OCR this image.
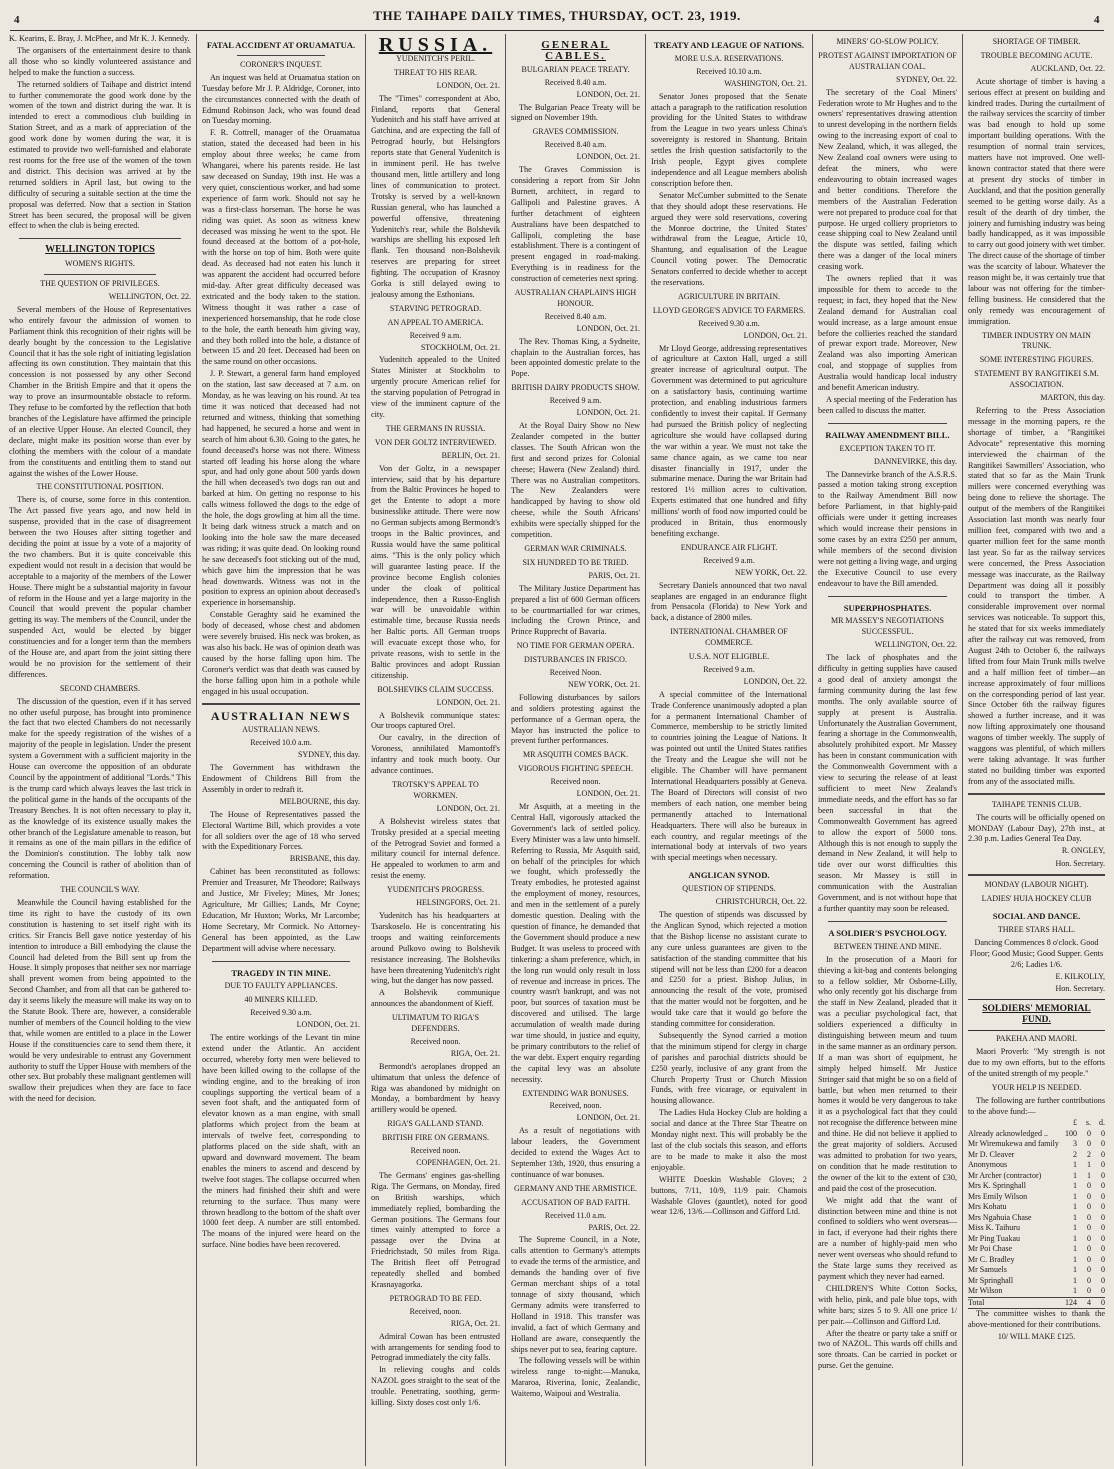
4	THE TAIHAPE DAILY TIMES, THURSDAY, OCT. 23, 1919.	4

K. Kearins, E. Bray, J. McPhee, and Mr K. J. Kennedy.

The organisers of the entertainment desire to thank all those who so kindly volunteered assistance and helped to make the function a success.

The returned soldiers of Taihape and district intend to further commemorate the good work done by the women of the town and district during the war. It is intended to erect a commodious club building in Station Street, and as a mark of appreciation of the good work done by women during the war, it is estimated to provide two well-furnished and elaborate rest rooms for the free use of the women of the town and district. This decision was arrived at by the returned soldiers in April last, but owing to the difficulty of securing a suitable section at the time the proposal was deferred. Now that a section in Station Street has been secured, the proposal will be given effect to when the club is being erected.

WELLINGTON TOPICS
WOMEN'S RIGHTS.
THE QUESTION OF PRIVILEGES.
WELLINGTON, Oct. 22.

Several members of the House of Representatives who entirely favour the admission of women to Parliament think this recognition of their rights will be dearly bought by the concession to the Legislative Council that it has the sole right of initiating legislation affecting its own constitution. They maintain that this concession is not possessed by any other Second Chamber in the British Empire and that it opens the way to prove an insurmountable obstacle to reform. They refuse to be comforted by the reflection that both branches of the Legislature have affirmed the principle of an elective Upper House. An elected Council, they declare, might make its position worse than ever by clothing the members with the colour of a mandate from the constituents and entitling them to stand out against the wishes of the Lower House.

THE CONSTITUTIONAL POSITION.

There is, of course, some force in this contention. The Act passed five years ago, and now held in suspense, provided that in the case of disagreement between the two Houses after sitting together and deciding the point at issue by a vote of a majority of the two chambers. But it is quite conceivable this expedient would not result in a decision that would be acceptable to a majority of the members of the Lower House. There might be a substantial majority in favour of reform in the House and yet a large majority in the Council that would prevent the popular chamber getting its way. The members of the Council, under the suspended Act, would be elected by bigger constituencies and for a longer term than the members of the House are, and apart from the joint sitting there would be no provision for the settlement of their differences.

SECOND CHAMBERS.

The discussion of the question, even if it has served no other useful purpose, has brought into prominence the fact that two elected Chambers do not necessarily make for the speedy registration of the wishes of a majority of the people in legislation. Under the present system a Government with a sufficient majority in the House can overcome the opposition of an obdurate Council by the appointment of additional "Lords." This is the trump card which always leaves the last trick in the political game in the hands of the occupants of the Treasury Benches. It is not often necessary to play it, as the knowledge of its existence usually makes the other branch of the Legislature amenable to reason, but it remains as one of the main pillars in the edifice of the Dominion's constitution. The lobby talk now concerning the Council is rather of abolition than of reformation.

THE COUNCIL'S WAY.

Meanwhile the Council having established for the time its right to have the custody of its own constitution is hastening to set itself right with its critics. Sir Francis Bell gave notice yesterday of his intention to introduce a Bill embodying the clause the Council had deleted from the Bill sent up from the House. It simply proposes that neither sex nor marriage shall prevent women from being appointed to the Second Chamber, and from all that can be gathered to-day it seems likely the measure will make its way on to the Statute Book. There are, however, a considerable number of members of the Council holding to the view that, while women are entitled to a place in the Lower House if the constituencies care to send them there, it would be very undesirable to entrust any Government authority to stuff the Upper House with members of the other sex. But probably these malignant gentlemen will swallow their prejudices when they are face to face with the need for decision.

FATAL ACCIDENT AT ORUAMATUA.
CORONER'S INQUEST.

An inquest was held at Oruamatua station on Tuesday before Mr J. P. Aldridge, Coroner, into the circumstances connected with the death of Edmund Robinson Jack, who was found dead on Tuesday morning.

F. R. Cottrell, manager of the Oruamatua station, stated the deceased had been in his employ about three weeks; he came from Whangarei, where his parents reside. He last saw deceased on Sunday, 19th inst. He was a very quiet, conscientious worker, and had some experience of farm work. Should not say he was a first-class horseman. The horse he was riding was quiet. As soon as witness knew deceased was missing he went to the spot. He found deceased at the bottom of a pot-hole, with the horse on top of him. Both were quite dead. As deceased had not eaten his lunch it was apparent the accident had occurred before mid-day. After great difficulty deceased was extricated and the body taken to the station. Witness thought it was rather a case of inexperienced horsemanship, that he rode close to the hole, the earth beneath him giving way, and they both rolled into the hole, a distance of between 15 and 20 feet. Deceased had been on the same round on other occasions.

J. P. Stewart, a general farm hand employed on the station, last saw deceased at 7 a.m. on Monday, as he was leaving on his round. At tea time it was noticed that deceased had not returned and witness, thinking that something had happened, he secured a horse and went in search of him about 6.30. Going to the gates, he found deceased's horse was not there. Witness started off leading his horse along the whare spur, and had only gone about 500 yards down the hill when deceased's two dogs ran out and barked at him. On getting no response to his calls witness followed the dogs to the edge of the hole, the dogs growling at him all the time. It being dark witness struck a match and on looking into the hole saw the mare deceased was riding; it was quite dead. On looking round he saw deceased's foot sticking out of the mud, which gave him the impression that he was head downwards. Witness was not in the position to express an opinion about deceased's experience in horsemanship.

Constable Geraghty said he examined the body of deceased, whose chest and abdomen were severely bruised. His neck was broken, as was also his back. He was of opinion death was caused by the horse falling upon him. The Coroner's verdict was that death was caused by the horse falling upon him in a pothole while engaged in his usual occupation.

AUSTRALIAN NEWS
AUSTRALIAN NEWS.
Received 10.0 a.m.
SYDNEY, this day.

The Government has withdrawn the Endowment of Childrens Bill from the Assembly in order to redraft it.

MELBOURNE, this day.

The House of Representatives passed the Electoral Wartime Bill, which provides a vote for all soldiers over the age of 18 who served with the Expeditionary Forces.

BRISBANE, this day.

Cabinet has been reconstituted as follows: Premier and Treasurer, Mr Theodore; Railways and Justice, Mr Fiveley; Mines, Mr Jones; Agriculture, Mr Gillies; Lands, Mr Coyne; Education, Mr Huxton; Works, Mr Larcombe; Home Secretary, Mr Cormick. No Attorney-General has been appointed, as the Law Department will advise where necessary.

TRAGEDY IN TIN MINE.
DUE TO FAULTY APPLIANCES.
40 MINERS KILLED.
Received 9.30 a.m.
LONDON, Oct. 21.

The entire workings of the Levant tin mine extend under the Atlantic. An accident occurred, whereby forty men were believed to have been killed owing to the collapse of the winding engine, and to the breaking of iron couplings supporting the vertical beam of a seven foot shaft, and the antiquated form of elevator known as a man engine, with small platforms which project from the beam at intervals of twelve feet, corresponding to platforms placed on the side shaft, with an upward and downward movement. The beam enables the miners to ascend and descend by twelve foot stages. The collapse occurred when the miners had finished their shift and were returning to the surface. Thus many were thrown headlong to the bottom of the shaft over 1000 feet deep. A number are still entombed. The moans of the injured were heard on the surface. Nine bodies have been recovered.

RUSSIA.
YUDENITCH'S PERIL.
THREAT TO HIS REAR.
LONDON, Oct. 21.

The "Times" correspondent at Abo, Finland, reports that General Yudenitch and his staff have arrived at Gatchina, and are expecting the fall of Petrograd hourly, but Helsingfors reports state that General Yudenitch is in imminent peril. He has twelve thousand men, little artillery and long lines of communication to protect. Trotsky is served by a well-known Russian general, who has launched a powerful offensive, threatening Yudenitch's rear, while the Bolshevik warships are shelling his exposed left flank. Ten thousand non-Bolshevik reserves are preparing for street fighting. The occupation of Krasnoy Gorka is still delayed owing to jealousy among the Esthonians.

STARVING PETROGRAD.
AN APPEAL TO AMERICA.
Received 9 a.m.
STOCKHOLM, Oct. 21.

Yudenitch appealed to the United States Minister at Stockholm to urgently procure American relief for the starving population of Petrograd in view of the imminent capture of the city.

THE GERMANS IN RUSSIA.
VON DER GOLTZ INTERVIEWED.
BERLIN, Oct. 21.

Von der Goltz, in a newspaper interview, said that by his departure from the Baltic Provinces he hoped to get the Entente to adopt a more businesslike attitude. There were now no German subjects among Bermondt's troops in the Baltic provinces, and Russia would have the same political aims. "This is the only policy which will guarantee lasting peace. If the province become English colonies under the cloak of political independence, then a Russo-English war will be unavoidable within estimable time, because Russia needs her Baltic ports. All German troops will evacuate except those who, for private reasons, wish to settle in the Baltic provinces and adopt Russian citizenship.

BOLSHEVIKS CLAIM SUCCESS.
LONDON, Oct. 21.

A Bolshevik communique states: Our troops captured Orel.

Our cavalry, in the direction of Voroness, annihilated Mamontoff's infantry and took much booty. Our advance continues.

TROTSKY'S APPEAL TO WORKMEN.
LONDON, Oct. 21.

A Bolshevist wireless states that Trotsky presided at a special meeting of the Petrograd Soviet and formed a military council for internal defence. He appealed to workmen to arm and resist the enemy.

YUDENITCH'S PROGRESS.
HELSINGFORS, Oct. 21.

Yudenitch has his headquarters at Tsarskoselo. He is concentrating his troops and waiting reinforcements around Pulkovo owing to Bolshevik resistance increasing. The Bolsheviks have been threatening Yudenitch's right wing, but the danger has now passed.

A Bolshevik communique announces the abandonment of Kieff.

ULTIMATUM TO RIGA'S DEFENDERS.
Received noon.
RIGA, Oct. 21.

Bermondt's aeroplanes dropped an ultimatum that unless the defence of Riga was abandoned by midnight on Monday, a bombardment by heavy artillery would be opened.

RIGA'S GALLAND STAND.
BRITISH FIRE ON GERMANS.
Received noon.
COPENHAGEN, Oct. 21.

The Germans' engines gas-shelling Riga. The Germans, on Monday, fired on British warships, which immediately replied, bombarding the German positions. The Germans four times vainly attempted to force a passage over the Dvina at Friedrichstadt, 50 miles from Riga. The British fleet off Petrograd repeatedly shelled and bombed Krasnayagorka.

PETROGRAD TO BE FED.
Received, noon.
RIGA, Oct. 21.

Admiral Cowan has been entrusted with arrangements for sending food to Petrograd immediately the city falls.

In relieving coughs and colds NAZOL goes straight to the seat of the trouble. Penetrating, soothing, germ-killing. Sixty doses cost only 1/6.

GENERAL CABLES.
BULGARIAN PEACE TREATY.
Received 8.40 a.m.
LONDON, Oct. 21.

The Bulgarian Peace Treaty will be signed on November 19th.

GRAVES COMMISSION.
Received 8.40 a.m.
LONDON, Oct. 21.

The Graves Commission is considering a report from Sir John Burnett, architect, in regard to Gallipoli and Palestine graves. A further detachment of eighteen Australians have been despatched to Gallipoli, completing the base establishment. There is a contingent of present engaged in road-making. Everything is in readiness for the construction of cemeteries next spring.

AUSTRALIAN CHAPLAIN'S HIGH HONOUR.
Received 8.40 a.m.
LONDON, Oct. 21.

The Rev. Thomas King, a Sydneite, chaplain to the Australian forces, has been appointed domestic prelate to the Pope.

BRITISH DAIRY PRODUCTS SHOW.
Received 9 a.m.
LONDON, Oct. 21.

At the Royal Dairy Show no New Zealander competed in the butter classes. The South African won the first and second prizes for Colonial cheese; Hawera (New Zealand) third. There was no Australian competitors. The New Zealanders were handicapped by having to show old cheese, while the South Africans' exhibits were specially shipped for the competition.

GERMAN WAR CRIMINALS.
SIX HUNDRED TO BE TRIED.
PARIS, Oct. 21.

The Military Justice Department has prepared a list of 600 German officers to be courtmartialled for war crimes, including the Crown Prince, and Prince Rupprecht of Bavaria.

NO TIME FOR GERMAN OPERA.
DISTURBANCES IN FRISCO.
Received Noon.
NEW YORK, Oct. 21.

Following disturbances by sailors and soldiers protesting against the performance of a German opera, the Mayor has instructed the police to prevent further performances.

MR ASQUITH COMES BACK.
VIGOROUS FIGHTING SPEECH.
Received noon.
LONDON, Oct. 21.

Mr Asquith, at a meeting in the Central Hall, vigorously attacked the Government's lack of settled policy. Every Minister was a law unto himself. Referring to Russia, Mr Asquith said, on behalf of the principles for which we fought, which professedly the Treaty embodies, he protested against the employment of money, resources, and men in the settlement of a purely domestic question. Dealing with the question of finance, he demanded that the Government should produce a new Budget. It was useless to proceed with tinkering: a sham preference, which, in the long run would only result in loss of revenue and increase in prices. The country wasn't bankrupt, and was not poor, but sources of taxation must be discovered and utilised. The large accumulation of wealth made during war time should, in justice and equity, be primary contributors to the relief of the war debt. Expert enquiry regarding the capital levy was an absolute necessity.

EXTENDING WAR BONUSES.
Received, noon.
LONDON, Oct. 21.

As a result of negotiations with labour leaders, the Government decided to extend the Wages Act to September 13th, 1920, thus ensuring a continuance of war bonuses.

GERMANY AND THE ARMISTICE.
ACCUSATION OF BAD FAITH.
Received 11.0 a.m.
PARIS, Oct. 22.

The Supreme Council, in a Note, calls attention to Germany's attempts to evade the terms of the armistice, and demands the handing over of five German merchant ships of a total tonnage of sixty thousand, which Germany admits were transferred to Holland in 1918. This transfer was invalid, a fact of which Germany and Holland are aware, consequently the ships never put to sea, fearing capture.

The following vessels will be within wireless range to-night:—Manuka, Mararoa, Riverina, Ionic, Zealandic, Waitemo, Waipoui and Westralia.

TREATY AND LEAGUE OF NATIONS.
MORE U.S.A. RESERVATIONS.
Received 10.10 a.m.
WASHINGTON, Oct. 21.

Senator Jones proposed that the Senate attach a paragraph to the ratification resolution providing for the United States to withdraw from the League in two years unless China's sovereignty is restored in Shantung. Britain settles the Irish question satisfactorily to the Irish people, Egypt gives complete independence and all League members abolish conscription before then.

Senator McCumber submitted to the Senate that they should adopt these reservations. He argued they were sold reservations, covering the Monroe doctrine, the United States' withdrawal from the League, Article 10, Shantung, and equalisation of the League Council voting power. The Democratic Senators conferred to decide whether to accept the reservations.

AGRICULTURE IN BRITAIN.
LLOYD GEORGE'S ADVICE TO FARMERS.
Received 9.30 a.m.
LONDON, Oct. 21.

Mr Lloyd George, addressing representatives of agriculture at Caxton Hall, urged a still greater increase of agricultural output. The Government was determined to put agriculture on a satisfactory basis, continuing wartime protection, and enabling industrious farmers confidently to invest their capital. If Germany had pursued the British policy of neglecting agriculture she would have collapsed during the war within a year. We must not take the same chance again, as we came too near disaster financially in 1917, under the submarine menace. During the war Britain had restored 1½ million acres to cultivation. Experts estimated that one hundred and fifty millions' worth of food now imported could be produced in Britain, thus enormously benefiting exchange.

ENDURANCE AIR FLIGHT.
Received 9 a.m.
NEW YORK, Oct. 22.

Secretary Daniels announced that two naval seaplanes are engaged in an endurance flight from Pensacola (Florida) to New York and back, a distance of 2800 miles.

INTERNATIONAL CHAMBER OF COMMERCE.
U.S.A. NOT ELIGIBLE.
Received 9 a.m.
LONDON, Oct. 22.

A special committee of the International Trade Conference unanimously adopted a plan for a permanent International Chamber of Commerce, membership to be strictly limited to countries joining the League of Nations. It was pointed out until the United States ratifies the Treaty and the League she will not be eligible. The Chamber will have permanent International Headquarters possibly at Geneva. The Board of Directors will consist of two members of each nation, one member being permanently attached to International Headquarters. There will also be bureaux in each country, and regular meetings of the international body at intervals of two years with special meetings when necessary.

ANGLICAN SYNOD.
QUESTION OF STIPENDS.
CHRISTCHURCH, Oct. 22.

The question of stipends was discussed by the Anglican Synod, which rejected a motion that the Bishop license no assistant curate to any cure unless guarantees are given to the satisfaction of the standing committee that his stipend will not be less than £200 for a deacon and £250 for a priest. Bishop Julius, in announcing the result of the vote, promised that the matter would not be forgotten, and he would take care that it would go before the standing committee for consideration.

Subsequently the Synod carried a motion that the minimum stipend for clergy in charge of parishes and parochial districts should be £250 yearly, inclusive of any grant from the Church Property Trust or Church Mission Funds, with free vicarage, or equivalent in housing allowance.

The Ladies Hula Hockey Club are holding a social and dance at the Three Star Theatre on Monday night next. This will probably be the last of the club socials this season, and efforts are to be made to make it also the most enjoyable.

WHITE Doeskin Washable Gloves; 2 buttons, 7/11, 10/9, 11/9 pair. Chamois Washable Gloves (gauntlet), noted for good wear 12/6, 13/6.—Collinson and Gifford Ltd.

MINERS' GO-SLOW POLICY.
PROTEST AGAINST IMPORTATION OF AUSTRALIAN COAL.
SYDNEY, Oct. 22.

The secretary of the Coal Miners' Federation wrote to Mr Hughes and to the owners' representatives drawing attention to unrest developing in the northern fields owing to the increasing export of coal to New Zealand, which, it was alleged, the New Zealand coal owners were using to defeat the miners, who were endeavouring to obtain increased wages and better conditions. Therefore the members of the Australian Federation were not prepared to produce coal for that purpose. He urged colliery proprietors to cease shipping coal to New Zealand until the dispute was settled, failing which there was a danger of the local miners ceasing work.

The owners replied that it was impossible for them to accede to the request; in fact, they hoped that the New Zealand demand for Australian coal would increase, as a large amount ensue before the collieries reached the standard of prewar export trade. Moreover, New Zealand was also importing American coal, and stoppage of supplies from Australia would handicap local industry and benefit American industry.

A special meeting of the Federation has been called to discuss the matter.

RAILWAY AMENDMENT BILL.
EXCEPTION TAKEN TO IT.
DANNEVIRKE, this day.

The Dannevirke branch of the A.S.R.S. passed a motion taking strong exception to the Railway Amendment Bill now before Parliament, in that highly-paid officials were under it getting increases which would increase their pensions in some cases by an extra £250 per annum, while members of the second division were not getting a living wage, and urging the Executive Council to use every endeavour to have the Bill amended.

SUPERPHOSPHATES.
MR MASSEY'S NEGOTIATIONS SUCCESSFUL.
WELLINGTON, Oct. 22.

The lack of phosphates and the difficulty in getting supplies have caused a good deal of anxiety amongst the farming community during the last few months. The only available source of supply at present is Australia. Unfortunately the Australian Government, fearing a shortage in the Commonwealth, absolutely prohibited export. Mr Massey has been in constant communication with the Commonwealth Government with a view to securing the release of at least sufficient to meet New Zealand's immediate needs, and the effort has so far been successful in that the Commonwealth Government has agreed to allow the export of 5000 tons. Although this is not enough to supply the demand in New Zealand, it will help to tide over our worst difficulties this season. Mr Massey is still in communication with the Australian Government, and is not without hope that a further quantity may soon be released.

A SOLDIER'S PSYCHOLOGY.
BETWEEN THINE AND MINE.

In the prosecution of a Maori for thieving a kit-bag and contents belonging to a fellow soldier, Mr Osborne-Lilly, who only recently got his discharge from the staff in New Zealand, pleaded that it was a peculiar psychological fact, that soldiers experienced a difficulty in distinguishing between meum and tuum in the same manner as an ordinary person. If a man was short of equipment, he simply helped himself. Mr Justice Stringer said that might be so on a field of battle, but when men returned to their homes it would be very dangerous to take it as a psychological fact that they could not recognise the difference between mine and thine. He did not believe it applied to the great majority of soldiers. Accused was admitted to probation for two years, on condition that he made restitution to the owner of the kit to the extent of £30, and paid the cost of the prosecution.

We might add that the want of distinction between mine and thine is not confined to soldiers who went overseas—in fact, if everyone had their rights there are a number of highly-paid men who never went overseas who should refund to the State large sums they received as payment which they never had earned.

CHILDREN'S White Cotton Socks, with helio, pink, and pale blue tops, with white bars; sizes 5 to 9. All one price 1/ per pair.—Collinson and Gifford Ltd.

After the theatre or party take a sniff or two of NAZOL. This wards off chills and sore throats. Can be carried in pocket or purse. Get the genuine.

SHORTAGE OF TIMBER.
TROUBLE BECOMING ACUTE.
AUCKLAND, Oct. 22.

Acute shortage of timber is having a serious effect at present on building and kindred trades. During the curtailment of the railway services the scarcity of timber was bad enough to hold up some important building operations. With the resumption of normal train services, matters have not improved. One well-known contractor stated that there were at present dry stocks of timber in Auckland, and that the position generally seemed to be getting worse daily. As a result of the dearth of dry timber, the joinery and furnishing industry was being badly handicapped, as it was impossible to carry out good joinery with wet timber. The direct cause of the shortage of timber was the scarcity of labour. Whatever the reason might be, it was certainly true that labour was not offering for the timber-felling business. He considered that the only remedy was encouragement of immigration.

TIMBER INDUSTRY ON MAIN TRUNK.
SOME INTERESTING FIGURES.
STATEMENT BY RANGITIKEI S.M. ASSOCIATION.
MARTON, this day.

Referring to the Press Association message in the morning papers, re the shortage of timber, a "Rangitikei Advocate" representative this morning interviewed the chairman of the Rangitikei Sawmillers' Association, who stated that so far as the Main Trunk millers were concerned everything was being done to relieve the shortage. The output of the members of the Rangitikei Association last month was nearly four million feet, compared with two and a quarter million feet for the same month last year. So far as the railway services were concerned, the Press Association message was inaccurate, as the Railway Department was doing all it possibly could to transport the timber. A considerable improvement over normal services was noticeable. To support this, he stated that for six weeks immediately after the railway cut was removed, from August 24th to October 6, the railways lifted from four Main Trunk mills twelve and a half million feet of timber—an increase approximately of four millions on the corresponding period of last year. Since October 6th the railway figures showed a further increase, and it was now lifting approximately one thousand wagons of timber weekly. The supply of waggons was plentiful, of which millers were taking advantage. It was further stated no building timber was exported from any of the associated mills.

TAIHAPE TENNIS CLUB.

The courts will be officially opened on MONDAY (Labour Day), 27th inst., at 2.30 p.m. Ladies General Tea Day.

R. ONGLEY,
Hon. Secretary.
MONDAY (LABOUR NIGHT).
LADIES' HUIA HOCKEY CLUB
SOCIAL AND DANCE.
THREE STARS HALL.

Dancing Commences 8 o'clock. Good Floor; Good Music; Good Supper. Gents 2/6; Ladies 1/6.

E. KILKOLLY,
Hon. Secretary.
SOLDIERS' MEMORIAL FUND.
PAKEHA AND MAORI.

Maori Proverb: "My strength is not due to my own efforts, but to the efforts of the united strength of my people."

YOUR HELP IS NEEDED.

The following are further contributions to the above fund:—

	£	s.	d.
Already acknowledged ..	100	0	0
Mr Wiremukewa and family	3	0	0
Mr D. Cleaver	2	2	0
Anonymous	1	1	0
Mr Archer (contractor)	1	1	0
Mrs K. Springhall	1	0	0
Mrs Emily Wilson	1	0	0
Mrs Kohatu	1	0	0
Mrs Ngahuia Chase	1	0	0
Miss K. Taihuru	1	0	0
Mr Ping Tuakau	1	0	0
Mr Poi Chase	1	0	0
Mr C. Bradley	1	0	0
Mr Samuels	1	0	0
Mr Springhall	1	0	0
Mr Wilson	1	0	0
Total	124	4	0

The committee wishes to thank the above-mentioned for their contributions.

10/ WILL MAKE £125.
